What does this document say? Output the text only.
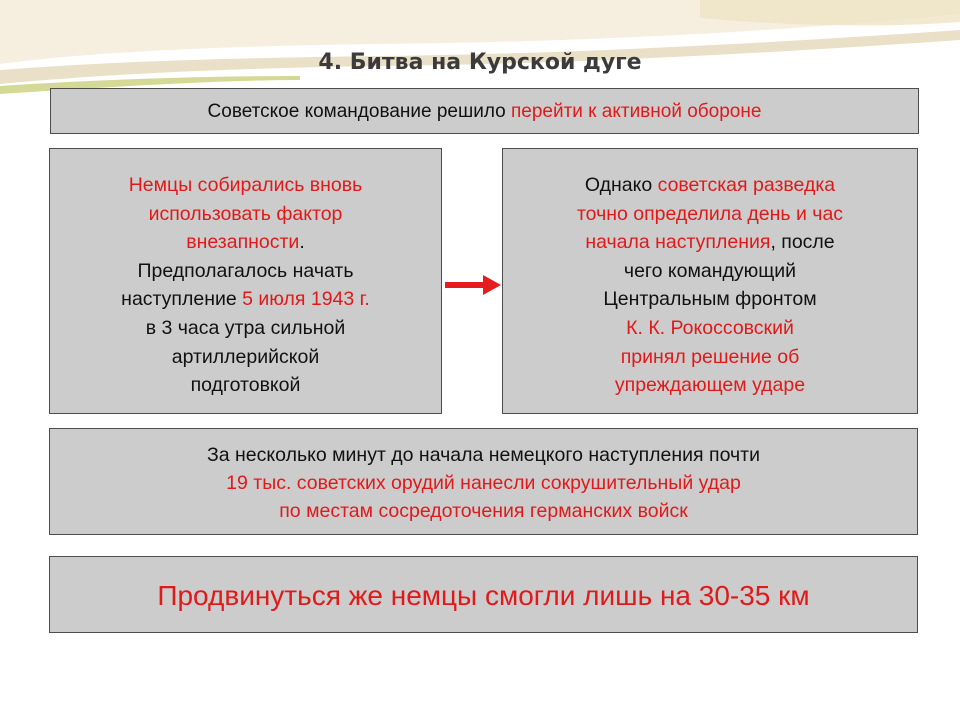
4. Битва на Курской дуге
Советское командование решило перейти к активной обороне
Немцы собирались вновь
использовать фактор
внезапности.
Предполагалось начать
наступление 5 июля 1943 г.
в 3 часа утра сильной
артиллерийской
подготовкой
Однако советская разведка
точно определила день и час
начала наступления, после
чего командующий
Центральным фронтом
К. К. Рокоссовский
принял решение об
упреждающем ударе
За несколько минут до начала немецкого наступления почти
19 тыс. советских орудий нанесли сокрушительный удар
по местам сосредоточения германских войск
Продвинуться же немцы смогли лишь на 30-35 км
